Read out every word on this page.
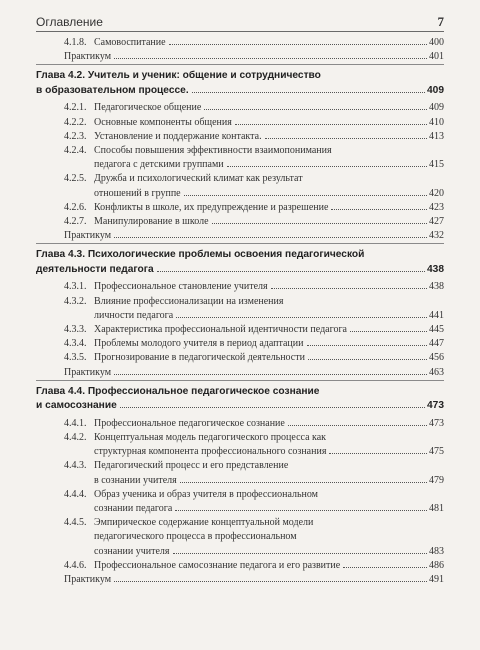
Оглавление	7
4.1.8. Самовоспитание	400
Практикум	401
Глава 4.2. Учитель и ученик: общение и сотрудничество
в образовательном процессе.	409
4.2.1. Педагогическое общение	409
4.2.2. Основные компоненты общения	410
4.2.3. Установление и поддержание контакта.	413
4.2.4. Способы повышения эффективности взаимопонимания
педагога с детскими группами	415
4.2.5. Дружба и психологический климат как результат
отношений в группе	420
4.2.6. Конфликты в школе, их предупреждение и разрешение	423
4.2.7. Манипулирование в школе	427
Практикум	432
Глава 4.3. Психологические проблемы освоения педагогической
деятельности педагога	438
4.3.1. Профессиональное становление учителя	438
4.3.2. Влияние профессионализации на изменения
личности педагога	441
4.3.3. Характеристика профессиональной идентичности педагога	445
4.3.4. Проблемы молодого учителя в период адаптации	447
4.3.5. Прогнозирование в педагогической деятельности	456
Практикум	463
Глава 4.4. Профессиональное педагогическое сознание
и самосознание	473
4.4.1. Профессиональное педагогическое сознание	473
4.4.2. Концептуальная модель педагогического процесса как
структурная компонента профессионального сознания	475
4.4.3. Педагогический процесс и его представление
в сознании учителя	479
4.4.4. Образ ученика и образ учителя в профессиональном
сознании педагога	481
4.4.5. Эмпирическое содержание концептуальной модели
педагогического процесса в профессиональном
сознании учителя	483
4.4.6. Профессиональное самосознание педагога и его развитие	486
Практикум	491
